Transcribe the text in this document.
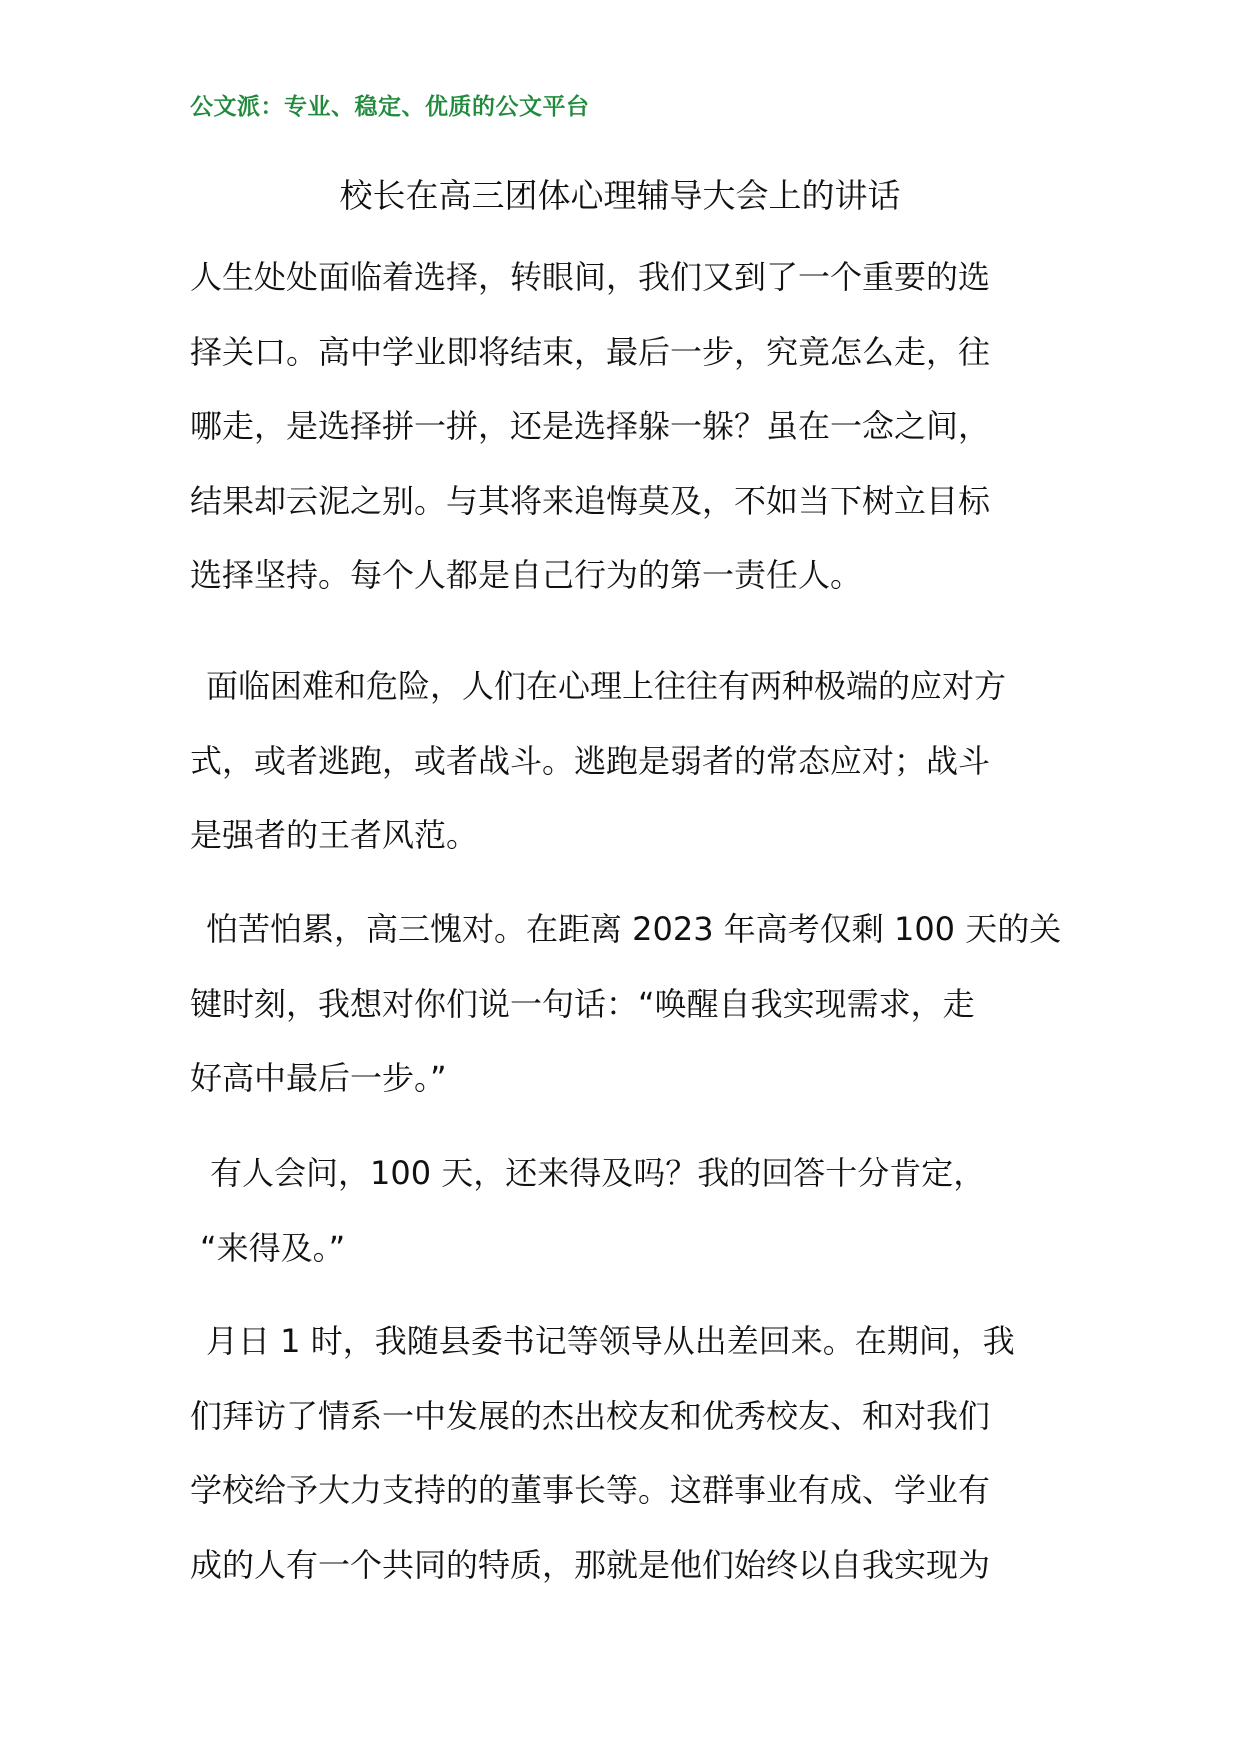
公文派：专业、稳定、优质的公文平台
校长在高三团体心理辅导大会上的讲话
人生处处面临着选择，转眼间，我们又到了一个重要的选
择关口。高中学业即将结束，最后一步，究竟怎么走，往
哪走，是选择拼一拼，还是选择躲一躲？虽在一念之间，
结果却云泥之别。与其将来追悔莫及，不如当下树立目标
选择坚持。每个人都是自己行为的第一责任人。
面临困难和危险，人们在心理上往往有两种极端的应对方
式，或者逃跑，或者战斗。逃跑是弱者的常态应对；战斗
是强者的王者风范。
怕苦怕累，高三愧对。在距离 2023 年高考仅剩 100 天的关
键时刻，我想对你们说一句话：“唤醒自我实现需求，走
好高中最后一步。”
有人会问，100 天，还来得及吗？我的回答十分肯定，
“来得及。”
月日 1 时，我随县委书记等领导从出差回来。在期间，我
们拜访了情系一中发展的杰出校友和优秀校友、和对我们
学校给予大力支持的的董事长等。这群事业有成、学业有
成的人有一个共同的特质，那就是他们始终以自我实现为
